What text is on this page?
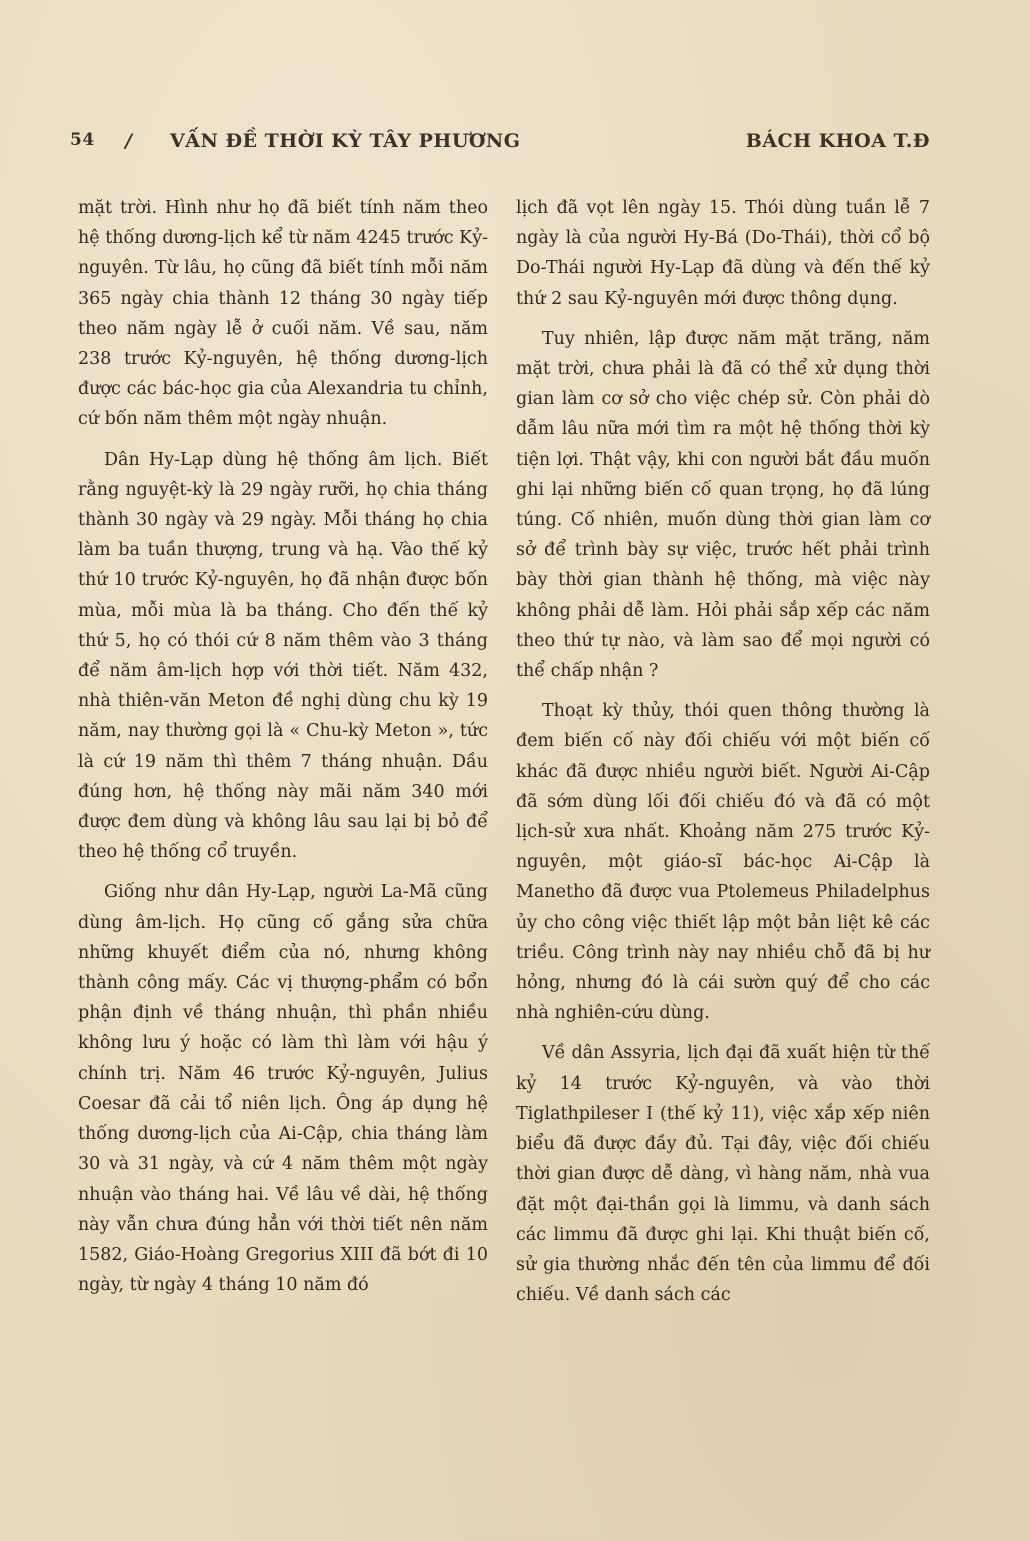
54 / VẤN ĐỀ THỜI KỲ TÂY PHƯƠNG	BÁCH KHOA T.Đ

mặt trời. Hình như họ đã biết tính năm theo hệ thống dương-lịch kể từ năm 4245 trước Kỷ-nguyên. Từ lâu, họ cũng đã biết tính mỗi năm 365 ngày chia thành 12 tháng 30 ngày tiếp theo năm ngày lễ ở cuối năm. Về sau, năm 238 trước Kỷ-nguyên, hệ thống dương-lịch được các bác-học gia của Alexandria tu chỉnh, cứ bốn năm thêm một ngày nhuận.

Dân Hy-Lạp dùng hệ thống âm lịch. Biết rằng nguyệt-kỳ là 29 ngày rưỡi, họ chia tháng thành 30 ngày và 29 ngày. Mỗi tháng họ chia làm ba tuần thượng, trung và hạ. Vào thế kỷ thứ 10 trước Kỷ-nguyên, họ đã nhận được bốn mùa, mỗi mùa là ba tháng. Cho đến thế kỷ thứ 5, họ có thói cứ 8 năm thêm vào 3 tháng để năm âm-lịch hợp với thời tiết. Năm 432, nhà thiên-văn Meton đề nghị dùng chu kỳ 19 năm, nay thường gọi là « Chu-kỳ Meton », tức là cứ 19 năm thì thêm 7 tháng nhuận. Dầu đúng hơn, hệ thống này mãi năm 340 mới được đem dùng và không lâu sau lại bị bỏ để theo hệ thống cổ truyền.

Giống như dân Hy-Lạp, người La-Mã cũng dùng âm-lịch. Họ cũng cố gắng sửa chữa những khuyết điểm của nó, nhưng không thành công mấy. Các vị thượng-phẩm có bổn phận định về tháng nhuận, thì phần nhiều không lưu ý hoặc có làm thì làm với hậu ý chính trị. Năm 46 trước Kỷ-nguyên, Julius Coesar đã cải tổ niên lịch. Ông áp dụng hệ thống dương-lịch của Ai-Cập, chia tháng làm 30 và 31 ngày, và cứ 4 năm thêm một ngày nhuận vào tháng hai. Về lâu về dài, hệ thống này vẫn chưa đúng hẳn với thời tiết nên năm 1582, Giáo-Hoàng Gregorius XIII đã bớt đi 10 ngày, từ ngày 4 tháng 10 năm đó

lịch đã vọt lên ngày 15. Thói dùng tuần lễ 7 ngày là của người Hy-Bá (Do-Thái), thời cổ bộ Do-Thái người Hy-Lạp đã dùng và đến thế kỷ thứ 2 sau Kỷ-nguyên mới được thông dụng.

Tuy nhiên, lập được năm mặt trăng, năm mặt trời, chưa phải là đã có thể xử dụng thời gian làm cơ sở cho việc chép sử. Còn phải dò dẫm lâu nữa mới tìm ra một hệ thống thời kỳ tiện lợi. Thật vậy, khi con người bắt đầu muốn ghi lại những biến cố quan trọng, họ đã lúng túng. Cố nhiên, muốn dùng thời gian làm cơ sở để trình bày sự việc, trước hết phải trình bày thời gian thành hệ thống, mà việc này không phải dễ làm. Hỏi phải sắp xếp các năm theo thứ tự nào, và làm sao để mọi người có thể chấp nhận ?

Thoạt kỳ thủy, thói quen thông thường là đem biến cố này đối chiếu với một biến cố khác đã được nhiều người biết. Người Ai-Cập đã sớm dùng lối đối chiếu đó và đã có một lịch-sử xưa nhất. Khoảng năm 275 trước Kỷ-nguyên, một giáo-sĩ bác-học Ai-Cập là Manetho đã được vua Ptolemeus Philadelphus ủy cho công việc thiết lập một bản liệt kê các triều. Công trình này nay nhiều chỗ đã bị hư hỏng, nhưng đó là cái sườn quý để cho các nhà nghiên-cứu dùng.

Về dân Assyria, lịch đại đã xuất hiện từ thế kỷ 14 trước Kỷ-nguyên, và vào thời Tiglathpileser I (thế kỷ 11), việc xắp xếp niên biểu đã được đầy đủ. Tại đây, việc đối chiếu thời gian được dễ dàng, vì hàng năm, nhà vua đặt một đại-thần gọi là limmu, và danh sách các limmu đã được ghi lại. Khi thuật biến cố, sử gia thường nhắc đến tên của limmu để đối chiếu. Về danh sách các
